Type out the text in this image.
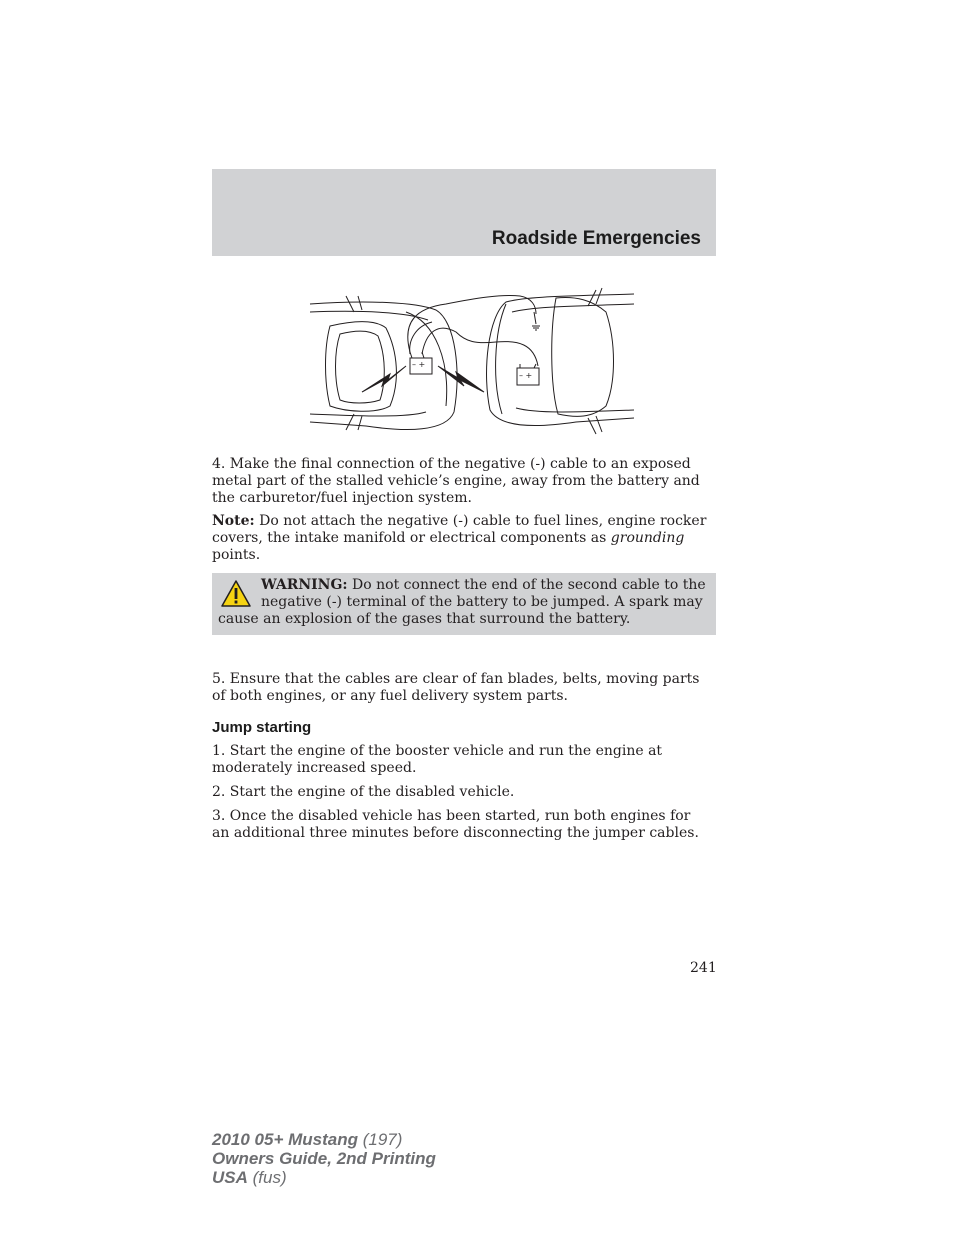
Roadside Emergencies
– +
– +

4. Make the final connection of the negative (-) cable to an exposed metal part of the stalled vehicle’s engine, away from the battery and the carburetor/fuel injection system.

Note: Do not attach the negative (-) cable to fuel lines, engine rocker covers, the intake manifold or electrical components as grounding points.

WARNING: Do not connect the end of the second cable to the negative (-) terminal of the battery to be jumped. A spark may cause an explosion of the gases that surround the battery.

5. Ensure that the cables are clear of fan blades, belts, moving parts of both engines, or any fuel delivery system parts.

Jump starting

1. Start the engine of the booster vehicle and run the engine at moderately increased speed.

2. Start the engine of the disabled vehicle.

3. Once the disabled vehicle has been started, run both engines for an additional three minutes before disconnecting the jumper cables.

241

2010 05+ Mustang (197)
Owners Guide, 2nd Printing
USA (fus)
